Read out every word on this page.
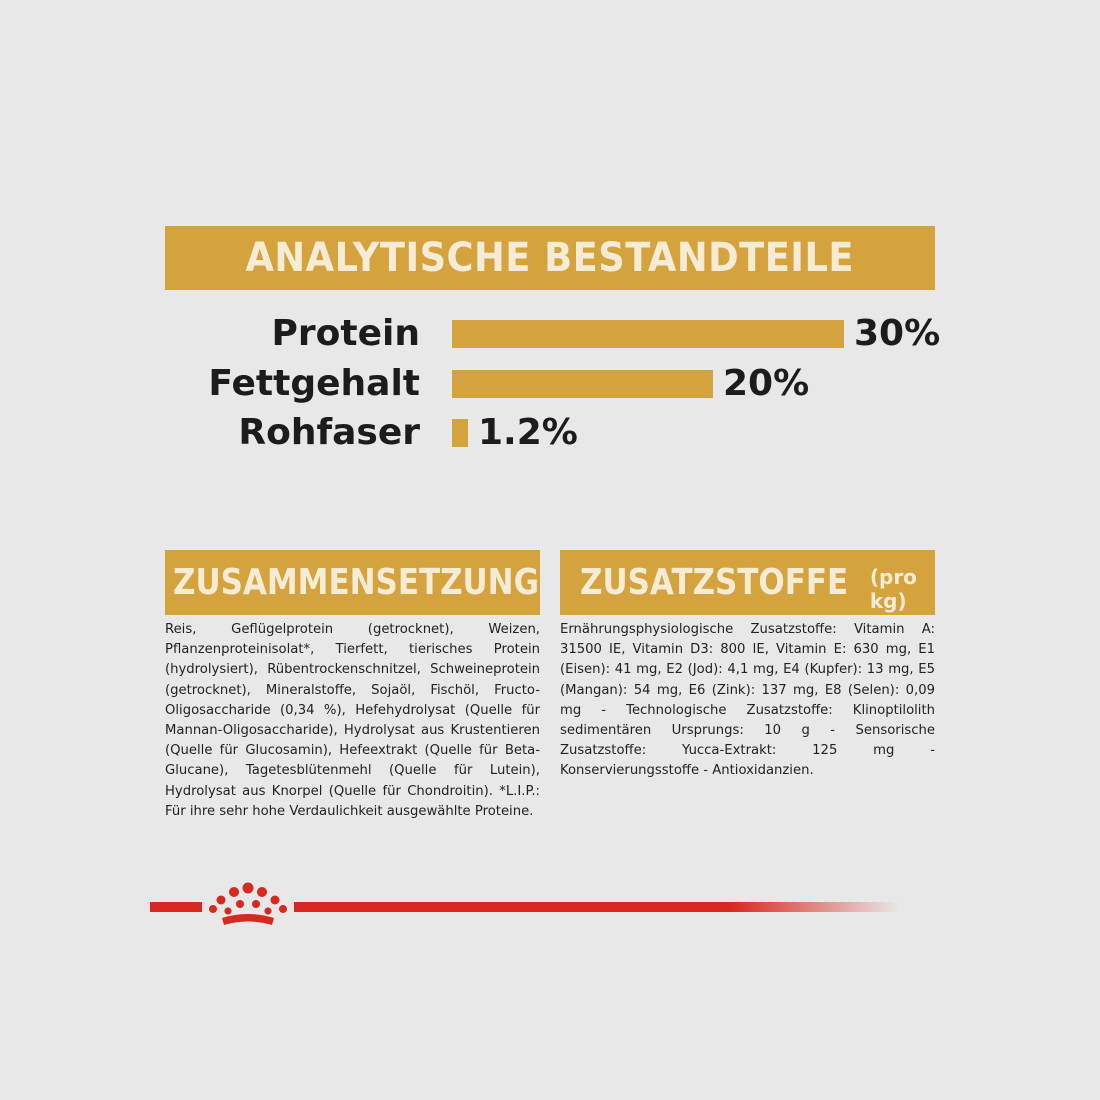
ANALYTISCHE BESTANDTEILE
Protein	30%
Fettgehalt	20%
Rohfaser 1.2%
ZUSAMMENSETZUNG
Reis, Geflügelprotein (getrocknet), Weizen, Pflanzenproteinisolat*, Tierfett, tierisches Protein (hydrolysiert), Rübentrockenschnitzel, Schweineprotein (getrocknet), Mineralstoffe, Sojaöl, Fischöl, Fructo-Oligosaccharide (0,34 %), Hefehydrolysat (Quelle für Mannan-Oligosaccharide), Hydrolysat aus Krustentieren (Quelle für Glucosamin), Hefeextrakt (Quelle für Beta-Glucane), Tagetesblütenmehl (Quelle für Lutein), Hydrolysat aus Knorpel (Quelle für Chondroitin). *L.I.P.: Für ihre sehr hohe Verdaulichkeit ausgewählte Proteine.
ZUSATZSTOFFE (pro kg)
Ernährungsphysiologische Zusatzstoffe: Vitamin A: 31500 IE, Vitamin D3: 800 IE, Vitamin E: 630 mg, E1 (Eisen): 41 mg, E2 (Jod): 4,1 mg, E4 (Kupfer): 13 mg, E5 (Mangan): 54 mg, E6 (Zink): 137 mg, E8 (Selen): 0,09 mg - Technologische Zusatzstoffe: Klinoptilolith sedimentären Ursprungs: 10 g - Sensorische Zusatzstoffe: Yucca-Extrakt: 125 mg - Konservierungsstoffe - Antioxidanzien.
